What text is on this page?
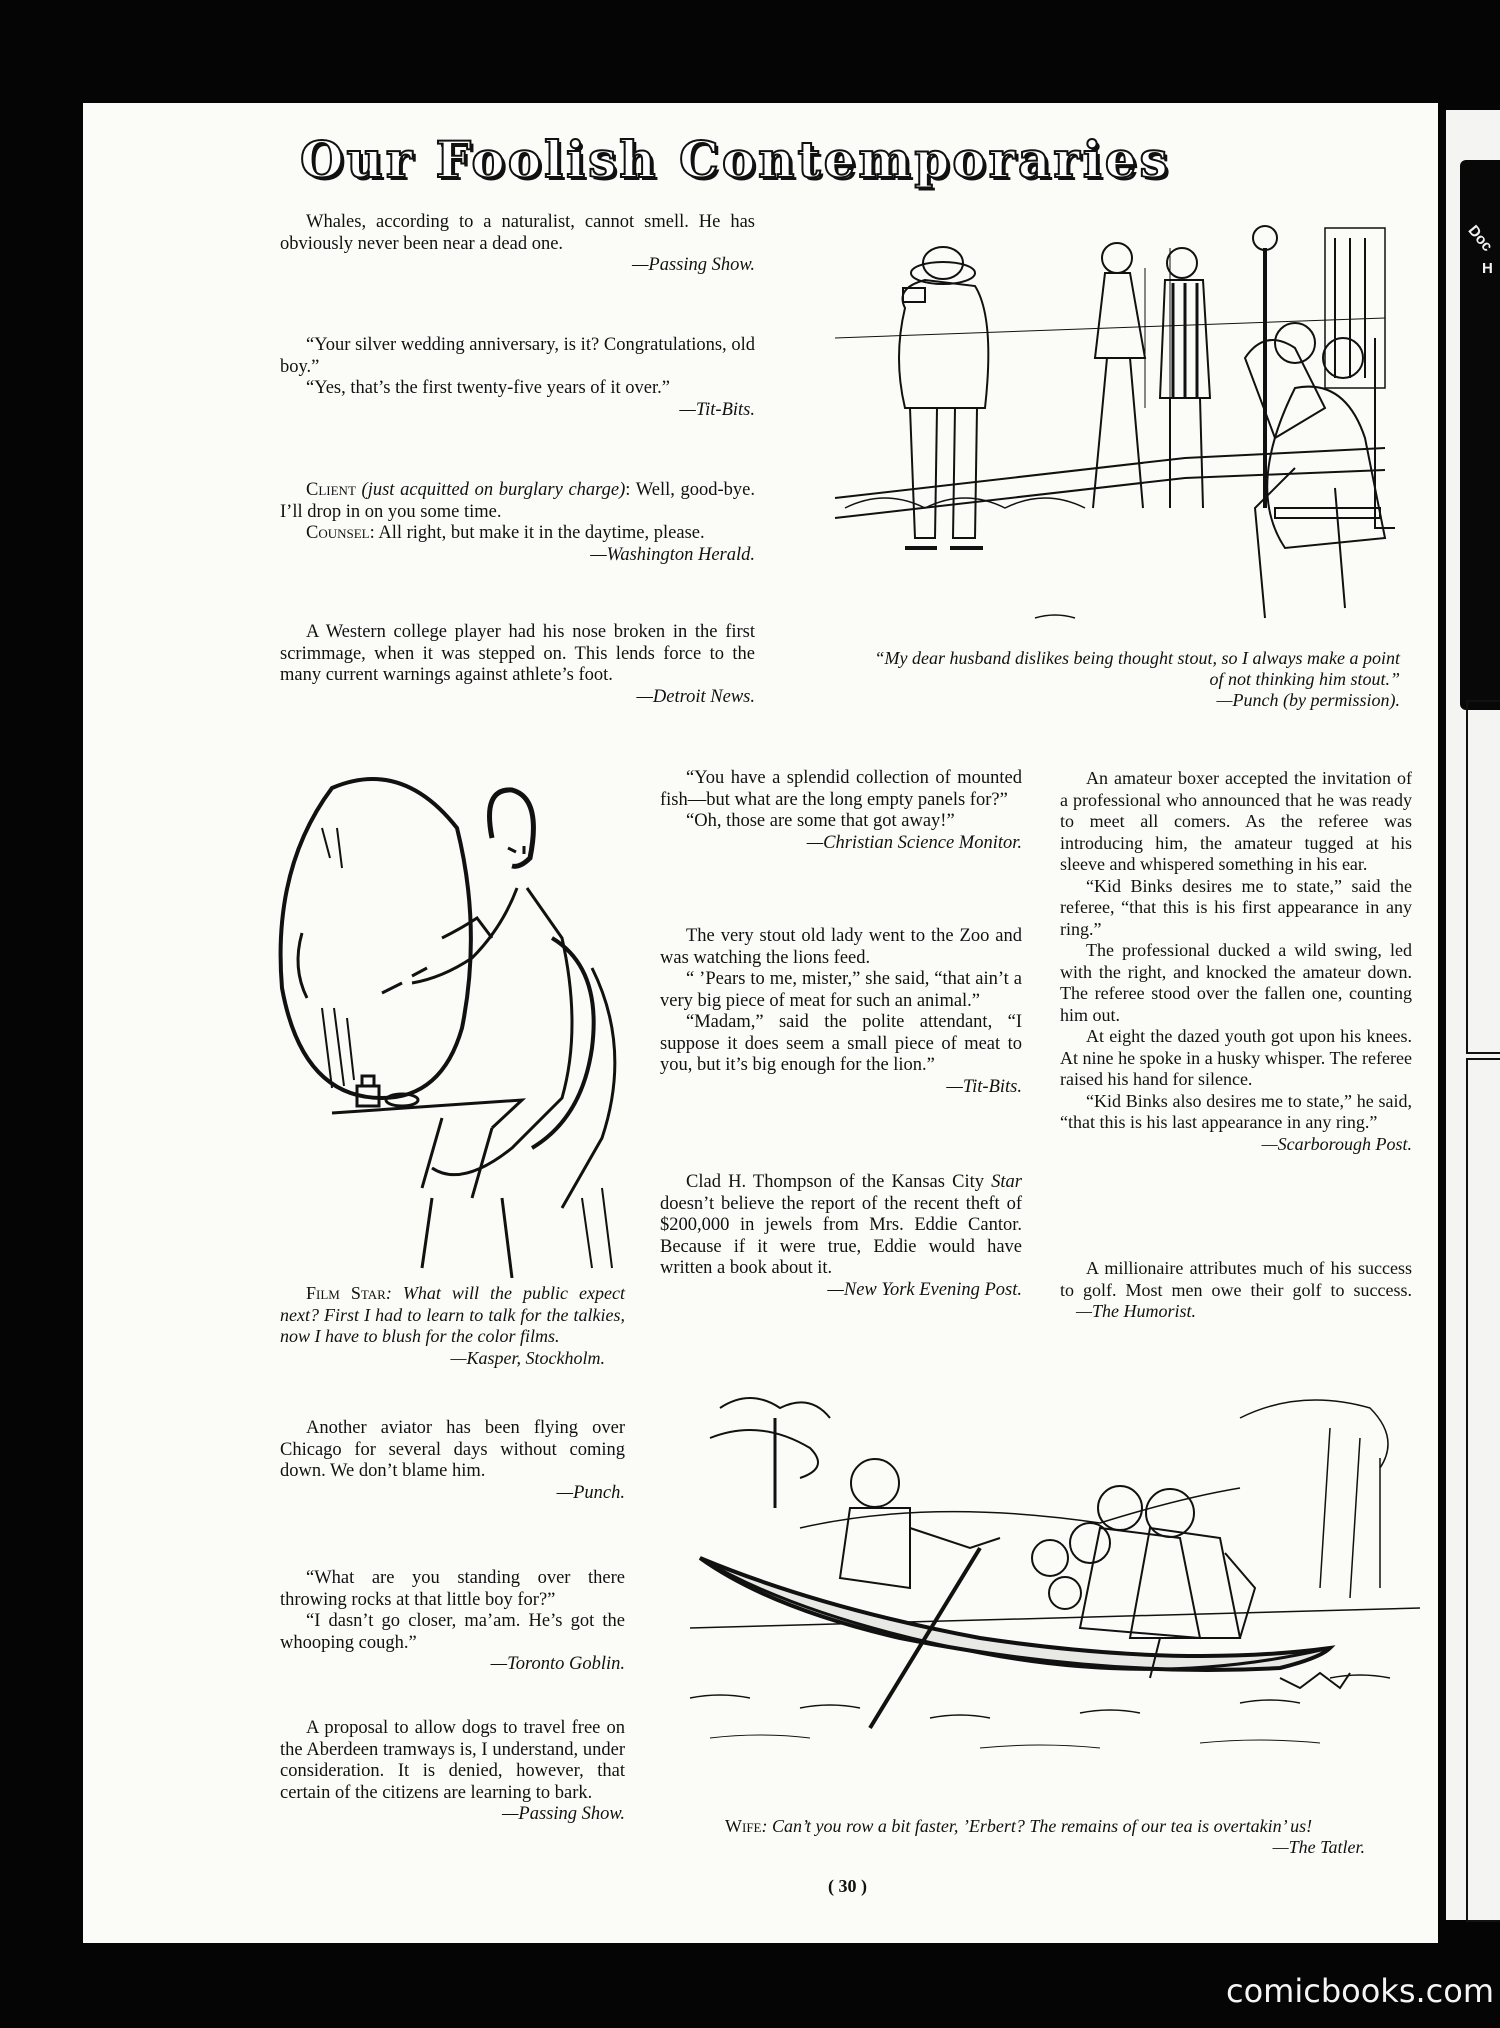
Doc
H
Our Foolish Contemporaries

Whales, according to a naturalist, cannot smell. He has obviously never been near a dead one.

—Passing Show.

“Your silver wedding anniversary, is it? Congratulations, old boy.”

“Yes, that’s the first twenty-five years of it over.”

—Tit-Bits.

Client (just acquitted on burglary charge): Well, good-bye. I’ll drop in on you some time.

Counsel: All right, but make it in the daytime, please.

—Washington Herald.

A Western college player had his nose broken in the first scrimmage, when it was stepped on. This lends force to the many current warnings against athlete’s foot.

—Detroit News.

“My dear husband dislikes being thought stout, so I always make a point of not thinking him stout.”
—Punch (by permission).

Film Star: What will the public expect next? First I had to learn to talk for the talkies, now I have to blush for the color films.

—Kasper, Stockholm.

Another aviator has been flying over Chicago for several days without coming down. We don’t blame him.

—Punch.

“What are you standing over there throwing rocks at that little boy for?”

“I dasn’t go closer, ma’am. He’s got the whooping cough.”

—Toronto Goblin.

A proposal to allow dogs to travel free on the Aberdeen tramways is, I understand, under consideration. It is denied, however, that certain of the citizens are learning to bark.

—Passing Show.

“You have a splendid collection of mounted fish—but what are the long empty panels for?”

“Oh, those are some that got away!”

—Christian Science Monitor.

The very stout old lady went to the Zoo and was watching the lions feed.

“ ’Pears to me, mister,” she said, “that ain’t a very big piece of meat for such an animal.”

“Madam,” said the polite attendant, “I suppose it does seem a small piece of meat to you, but it’s big enough for the lion.”

—Tit-Bits.

Clad H. Thompson of the Kansas City Star doesn’t believe the report of the recent theft of $200,000 in jewels from Mrs. Eddie Cantor. Because if it were true, Eddie would have written a book about it.

—New York Evening Post.

An amateur boxer accepted the invitation of a professional who announced that he was ready to meet all comers. As the referee was introducing him, the amateur tugged at his sleeve and whispered something in his ear.

“Kid Binks desires me to state,” said the referee, “that this is his first appearance in any ring.”

The professional ducked a wild swing, led with the right, and knocked the amateur down. The referee stood over the fallen one, counting him out.

At eight the dazed youth got upon his knees. At nine he spoke in a husky whisper. The referee raised his hand for silence.

“Kid Binks also desires me to state,” he said, “that this is his last appearance in any ring.”

—Scarborough Post.

A millionaire attributes much of his success to golf. Most men owe their golf to success. —The Humorist.

Wife: Can’t you row a bit faster, ’Erbert? The remains of our tea is overtakin’ us!
—The Tatler.
( 30 )
comicbooks.com
